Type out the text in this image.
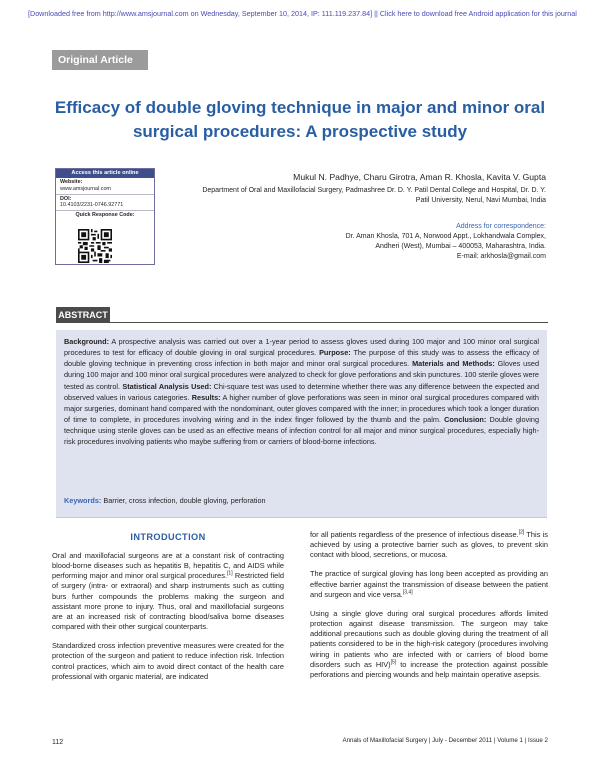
[Downloaded free from http://www.amsjournal.com on Wednesday, September 10, 2014, IP: 111.119.237.84] || Click here to download free Android application for this journal
Original Article
Efficacy of double gloving technique in major and minor oral surgical procedures: A prospective study
Access this article online
Website:
www.amsjournal.com
DOI:
10.4103/2231-0746.92771
Quick Response Code:
Mukul N. Padhye, Charu Girotra, Aman R. Khosla, Kavita V. Gupta
Department of Oral and Maxillofacial Surgery, Padmashree Dr. D. Y. Patil Dental College and Hospital, Dr. D. Y. Patil University, Nerul, Navi Mumbai, India
Address for correspondence:
Dr. Aman Khosla, 701 A, Norwood Appt., Lokhandwala Complex,
Andheri (West), Mumbai – 400053, Maharashtra, India.
E-mail: arkhosla@gmail.com
ABSTRACT
Background: A prospective analysis was carried out over a 1-year period to assess gloves used during 100 major and 100 minor oral surgical procedures to test for efficacy of double gloving in oral surgical procedures. Purpose: The purpose of this study was to assess the efficacy of double gloving technique in preventing cross infection in both major and minor oral surgical procedures. Materials and Methods: Gloves used during 100 major and 100 minor oral surgical procedures were analyzed to check for glove perforations and skin punctures. 100 sterile gloves were tested as control. Statistical Analysis Used: Chi-square test was used to determine whether there was any difference between the expected and observed values in various categories. Results: A higher number of glove perforations was seen in minor oral surgical procedures compared with major surgeries, dominant hand compared with the nondominant, outer gloves compared with the inner; in procedures which took a longer duration of time to complete, in procedures involving wiring and in the index finger followed by the thumb and the palm. Conclusion: Double gloving technique using sterile gloves can be used as an effective means of infection control for all major and minor surgical procedures, especially high-risk procedures involving patients who maybe suffering from or carriers of blood-borne infections.
Keywords: Barrier, cross infection, double gloving, perforation
INTRODUCTION

Oral and maxillofacial surgeons are at a constant risk of contracting blood-borne diseases such as hepatitis B, hepatitis C, and AIDS while performing major and minor oral surgical procedures.[1] Restricted field of surgery (intra- or extraoral) and sharp instruments such as cutting burs further compounds the problems making the surgeon and assistant more prone to injury. Thus, oral and maxillofacial surgeons are at an increased risk of contracting blood/saliva borne diseases compared with their other surgical counterparts.

Standardized cross infection preventive measures were created for the protection of the surgeon and patient to reduce infection risk. Infection control practices, which aim to avoid direct contact of the health care professional with organic material, are indicated

for all patients regardless of the presence of infectious disease.[2] This is achieved by using a protective barrier such as gloves, to prevent skin contact with blood, secretions, or mucosa.

The practice of surgical gloving has long been accepted as providing an effective barrier against the transmission of disease between the patient and surgeon and vice versa.[3,4]

Using a single glove during oral surgical procedures affords limited protection against disease transmission. The surgeon may take additional precautions such as double gloving during the treatment of all patients considered to be in the high-risk category (procedures involving wiring in patients who are infected with or carriers of blood borne disorders such as HIV)[5] to increase the protection against possible perforations and piercing wounds and help maintain operative asepsis.

112	Annals of Maxillofacial Surgery | July - December 2011 | Volume 1 | Issue 2
